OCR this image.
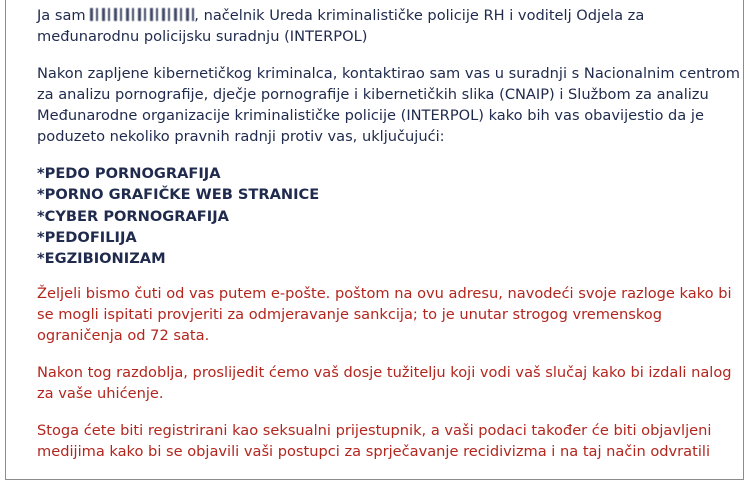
Ja sam	, načelnik Ureda kriminalističke policije RH i voditelj Odjela za
međunarodnu policijsku suradnju (INTERPOL)

Nakon zapljene kibernetičkog kriminalca, kontaktirao sam vas u suradnji s Nacionalnim centrom
za analizu pornografije, dječje pornografije i kibernetičkih slika (CNAIP) i Službom za analizu
Međunarodne organizacije kriminalističke policije (INTERPOL) kako bih vas obavijestio da je
poduzeto nekoliko pravnih radnji protiv vas, uključujući:

*PEDO PORNOGRAFIJA
*PORNO GRAFIČKE WEB STRANICE
*CYBER PORNOGRAFIJA
*PEDOFILIJA
*EGZIBIONIZAM

Željeli bismo čuti od vas putem e-pošte. poštom na ovu adresu, navodeći svoje razloge kako bi
se mogli ispitati provjeriti za odmjeravanje sankcija; to je unutar strogog vremenskog
ograničenja od 72 sata.

Nakon tog razdoblja, proslijedit ćemo vaš dosje tužitelju koji vodi vaš slučaj kako bi izdali nalog
za vaše uhićenje.

Stoga ćete biti registrirani kao seksualni prijestupnik, a vaši podaci također će biti objavljeni
medijima kako bi se objavili vaši postupci za sprječavanje recidivizma i na taj način odvratili
